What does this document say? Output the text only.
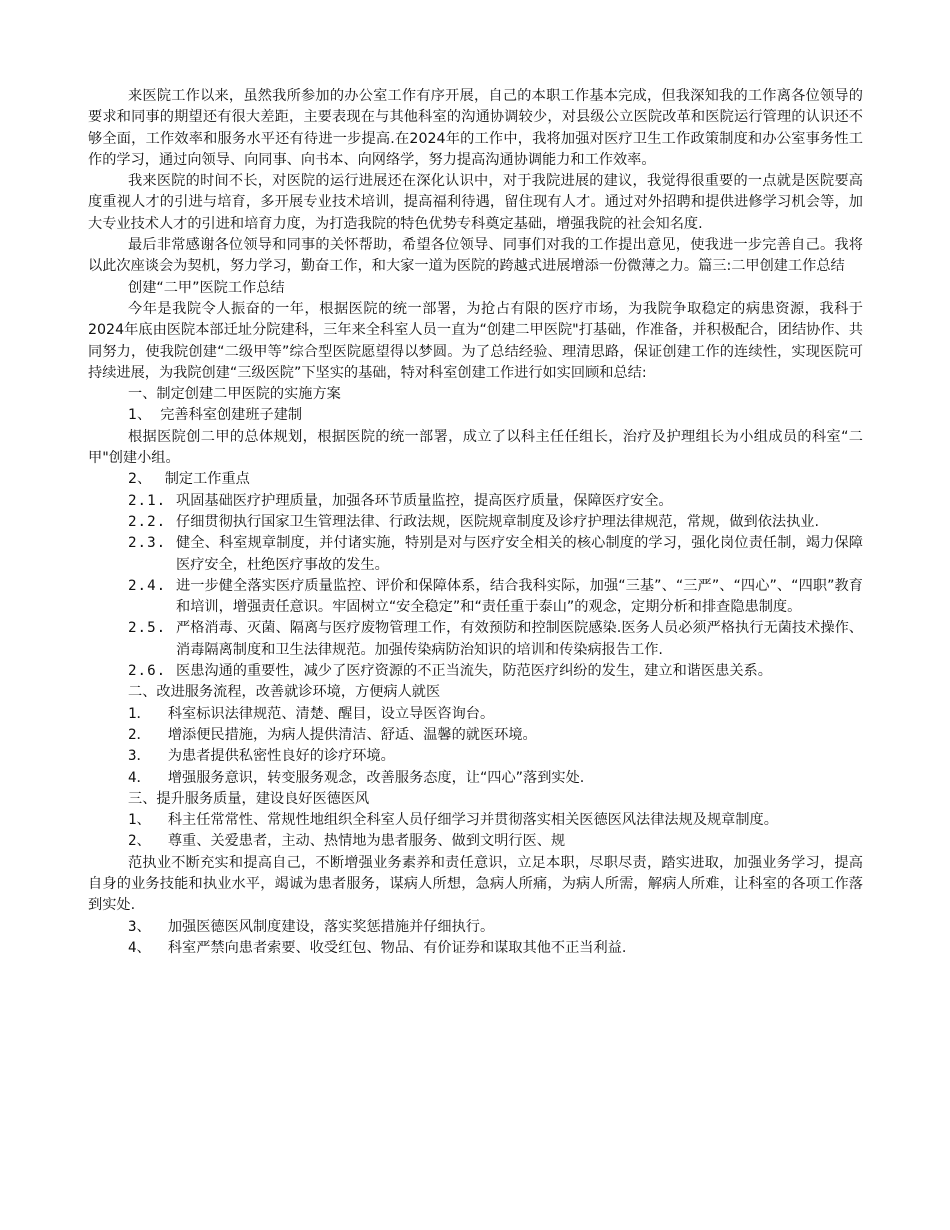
来医院工作以来，虽然我所参加的办公室工作有序开展，自己的本职工作基本完成，但我深知我的工作离各位领导的要求和同事的期望还有很大差距，主要表现在与其他科室的沟通协调较少，对县级公立医院改革和医院运行管理的认识还不够全面，工作效率和服务水平还有待进一步提高.在2024年的工作中，我将加强对医疗卫生工作政策制度和办公室事务性工作的学习，通过向领导、向同事、向书本、向网络学，努力提高沟通协调能力和工作效率。

我来医院的时间不长，对医院的运行进展还在深化认识中，对于我院进展的建议，我觉得很重要的一点就是医院要高度重视人才的引进与培育，多开展专业技术培训，提高福利待遇，留住现有人才。通过对外招聘和提供进修学习机会等，加大专业技术人才的引进和培育力度，为打造我院的特色优势专科奠定基础，增强我院的社会知名度.

最后非常感谢各位领导和同事的关怀帮助，希望各位领导、同事们对我的工作提出意见，使我进一步完善自己。我将以此次座谈会为契机，努力学习，勤奋工作，和大家一道为医院的跨越式进展增添一份微薄之力。篇三:二甲创建工作总结

创建“二甲”医院工作总结

今年是我院令人振奋的一年，根据医院的统一部署，为抢占有限的医疗市场，为我院争取稳定的病患资源，我科于2024年底由医院本部迁址分院建科，三年来全科室人员一直为“创建二甲医院"打基础，作准备，并积极配合，团结协作、共同努力，使我院创建“二级甲等”综合型医院愿望得以梦圆。为了总结经验、理清思路，保证创建工作的连续性，实现医院可持续进展，为我院创建“三级医院”下坚实的基础，特对科室创建工作进行如实回顾和总结:

一、制定创建二甲医院的实施方案

1、  完善科室创建班子建制

根据医院创二甲的总体规划，根据医院的统一部署，成立了以科主任任组长，治疗及护理组长为小组成员的科室“二甲"创建小组。

2、   制定工作重点

2.1. 巩固基础医疗护理质量，加强各环节质量监控，提高医疗质量，保障医疗安全。
2.2. 仔细贯彻执行国家卫生管理法律、行政法规，医院规章制度及诊疗护理法律规范，常规，做到依法执业.
2.3. 健全、科室规章制度，并付诸实施，特别是对与医疗安全相关的核心制度的学习，强化岗位责任制，竭力保障医疗安全，杜绝医疗事故的发生。
2.4. 进一步健全落实医疗质量监控、评价和保障体系，结合我科实际，加强“三基”、“三严”、“四心”、“四职”教育和培训，增强责任意识。牢固树立“安全稳定”和“责任重于泰山”的观念，定期分析和排查隐患制度。
2.5. 严格消毒、灭菌、隔离与医疗废物管理工作，有效预防和控制医院感染.医务人员必须严格执行无菌技术操作、消毒隔离制度和卫生法律规范。加强传染病防治知识的培训和传染病报告工作.
2.6. 医患沟通的重要性，减少了医疗资源的不正当流失，防范医疗纠纷的发生，建立和谐医患关系。

二、改进服务流程，改善就诊环境，方便病人就医

1． 科室标识法律规范、清楚、醒目，设立导医咨询台。
2． 增添便民措施，为病人提供清洁、舒适、温馨的就医环境。
3． 为患者提供私密性良好的诊疗环境。
4． 增强服务意识，转变服务观念，改善服务态度，让“四心”落到实处.

三、提升服务质量，建设良好医德医风

1、 科主任常常性、常规性地组织全科室人员仔细学习并贯彻落实相关医德医风法律法规及规章制度。
2、 尊重、关爱患者，主动、热情地为患者服务、做到文明行医、规

范执业不断充实和提高自己，不断增强业务素养和责任意识，立足本职，尽职尽责，踏实进取，加强业务学习，提高自身的业务技能和执业水平，竭诚为患者服务，谋病人所想，急病人所痛，为病人所需，解病人所难，让科室的各项工作落到实处.

3、 加强医德医风制度建设，落实奖惩措施并仔细执行。
4、 科室严禁向患者索要、收受红包、物品、有价证券和谋取其他不正当利益.
